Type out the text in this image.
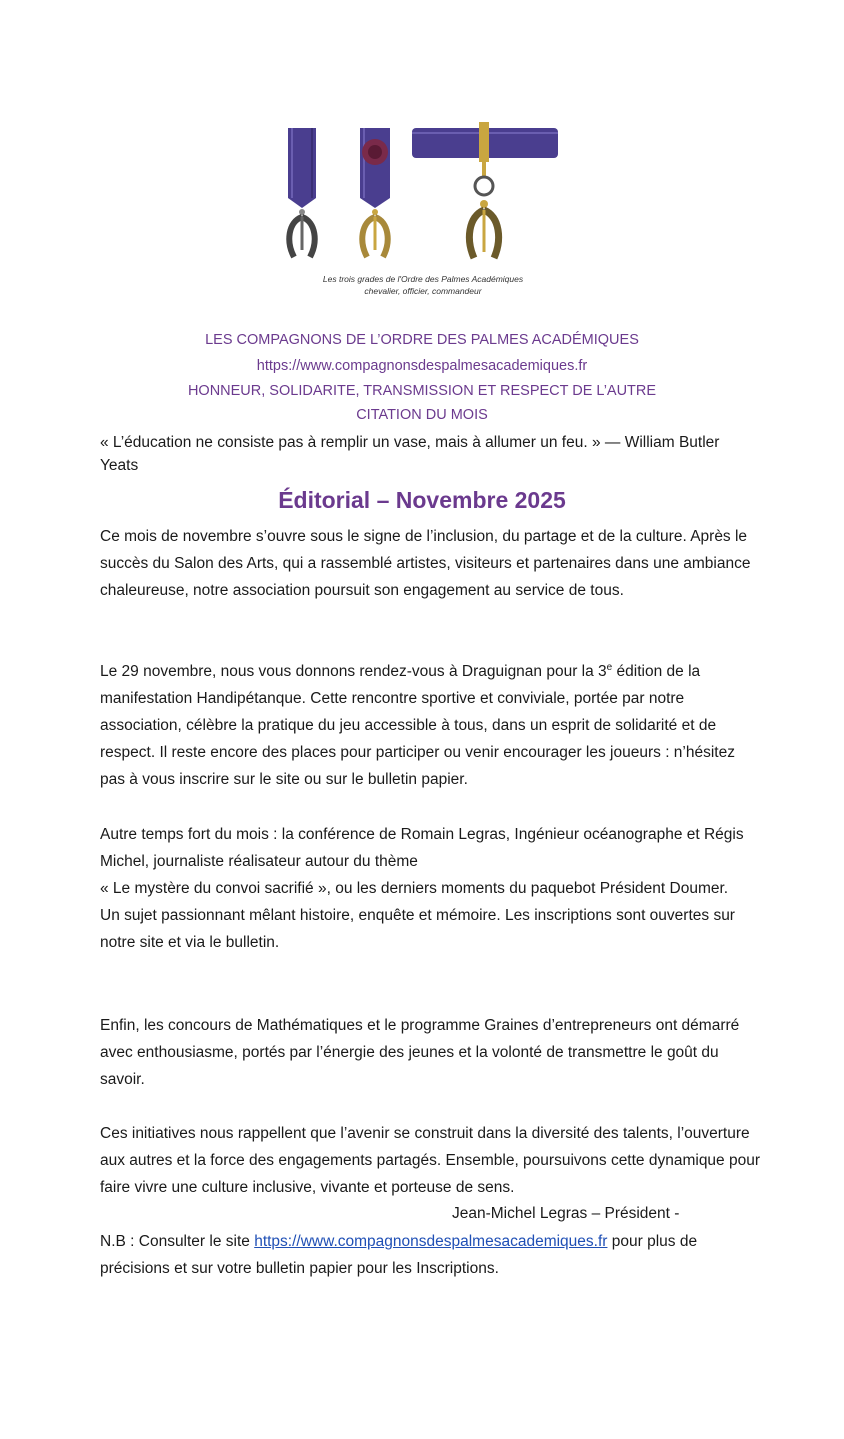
Les trois grades de l'Ordre des Palmes Académiques
chevalier, officier, commandeur
LES COMPAGNONS DE L’ORDRE DES PALMES ACADÉMIQUES
https://www.compagnonsdespalmesacademiques.fr
HONNEUR, SOLIDARITE, TRANSMISSION ET RESPECT DE L’AUTRE
CITATION DU MOIS
« L’éducation ne consiste pas à remplir un vase, mais à allumer un feu. » — William Butler Yeats
Éditorial – Novembre 2025

Ce mois de novembre s’ouvre sous le signe de l’inclusion, du partage et de la culture. Après le succès du Salon des Arts, qui a rassemblé artistes, visiteurs et partenaires dans une ambiance chaleureuse, notre association poursuit son engagement au service de tous.

Le 29 novembre, nous vous donnons rendez-vous à Draguignan pour la 3e édition de la manifestation Handipétanque. Cette rencontre sportive et conviviale, portée par notre association, célèbre la pratique du jeu accessible à tous, dans un esprit de solidarité et de respect. Il reste encore des places pour participer ou venir encourager les joueurs : n’hésitez pas à vous inscrire sur le site ou sur le bulletin papier.

Autre temps fort du mois : la conférence de Romain Legras, Ingénieur océanographe et Régis Michel, journaliste réalisateur autour du thème
« Le mystère du convoi sacrifié », ou les derniers moments du paquebot Président Doumer.
Un sujet passionnant mêlant histoire, enquête et mémoire. Les inscriptions sont ouvertes sur notre site et via le bulletin.

Enfin, les concours de Mathématiques et le programme Graines d’entrepreneurs ont démarré avec enthousiasme, portés par l’énergie des jeunes et la volonté de transmettre le goût du savoir.

Ces initiatives nous rappellent que l’avenir se construit dans la diversité des talents, l’ouverture aux autres et la force des engagements partagés. Ensemble, poursuivons cette dynamique pour faire vivre une culture inclusive, vivante et porteuse de sens.

Jean-Michel Legras – Président -
N.B : Consulter le site https://www.compagnonsdespalmesacademiques.fr pour plus de précisions et sur votre bulletin papier pour les Inscriptions.
